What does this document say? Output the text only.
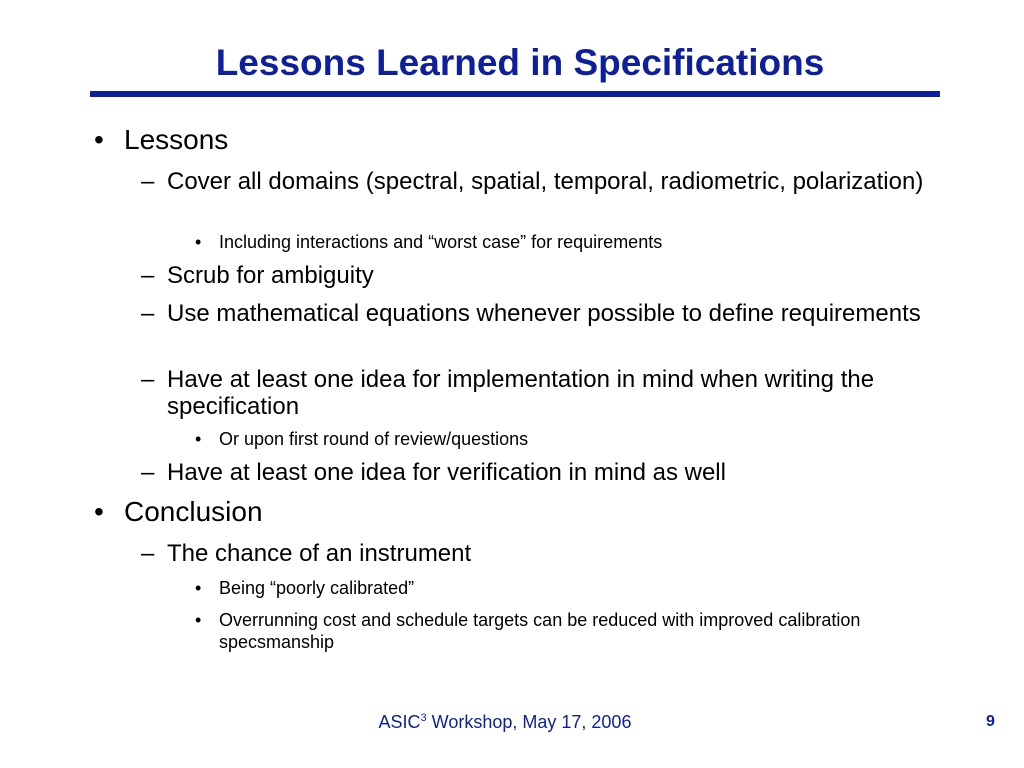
Lessons Learned in Specifications
• Lessons
– Cover all domains (spectral, spatial, temporal, radiometric, polarization)
• Including interactions and “worst case” for requirements
– Scrub for ambiguity
– Use mathematical equations whenever possible to define requirements
– Have at least one idea for implementation in mind when writing the specification
• Or upon first round of review/questions
– Have at least one idea for verification in mind as well
• Conclusion
– The chance of an instrument
• Being “poorly calibrated”
• Overrunning cost and schedule targets can be reduced with improved calibration specsmanship
ASIC$^3$ Workshop, May 17, 2006	9
